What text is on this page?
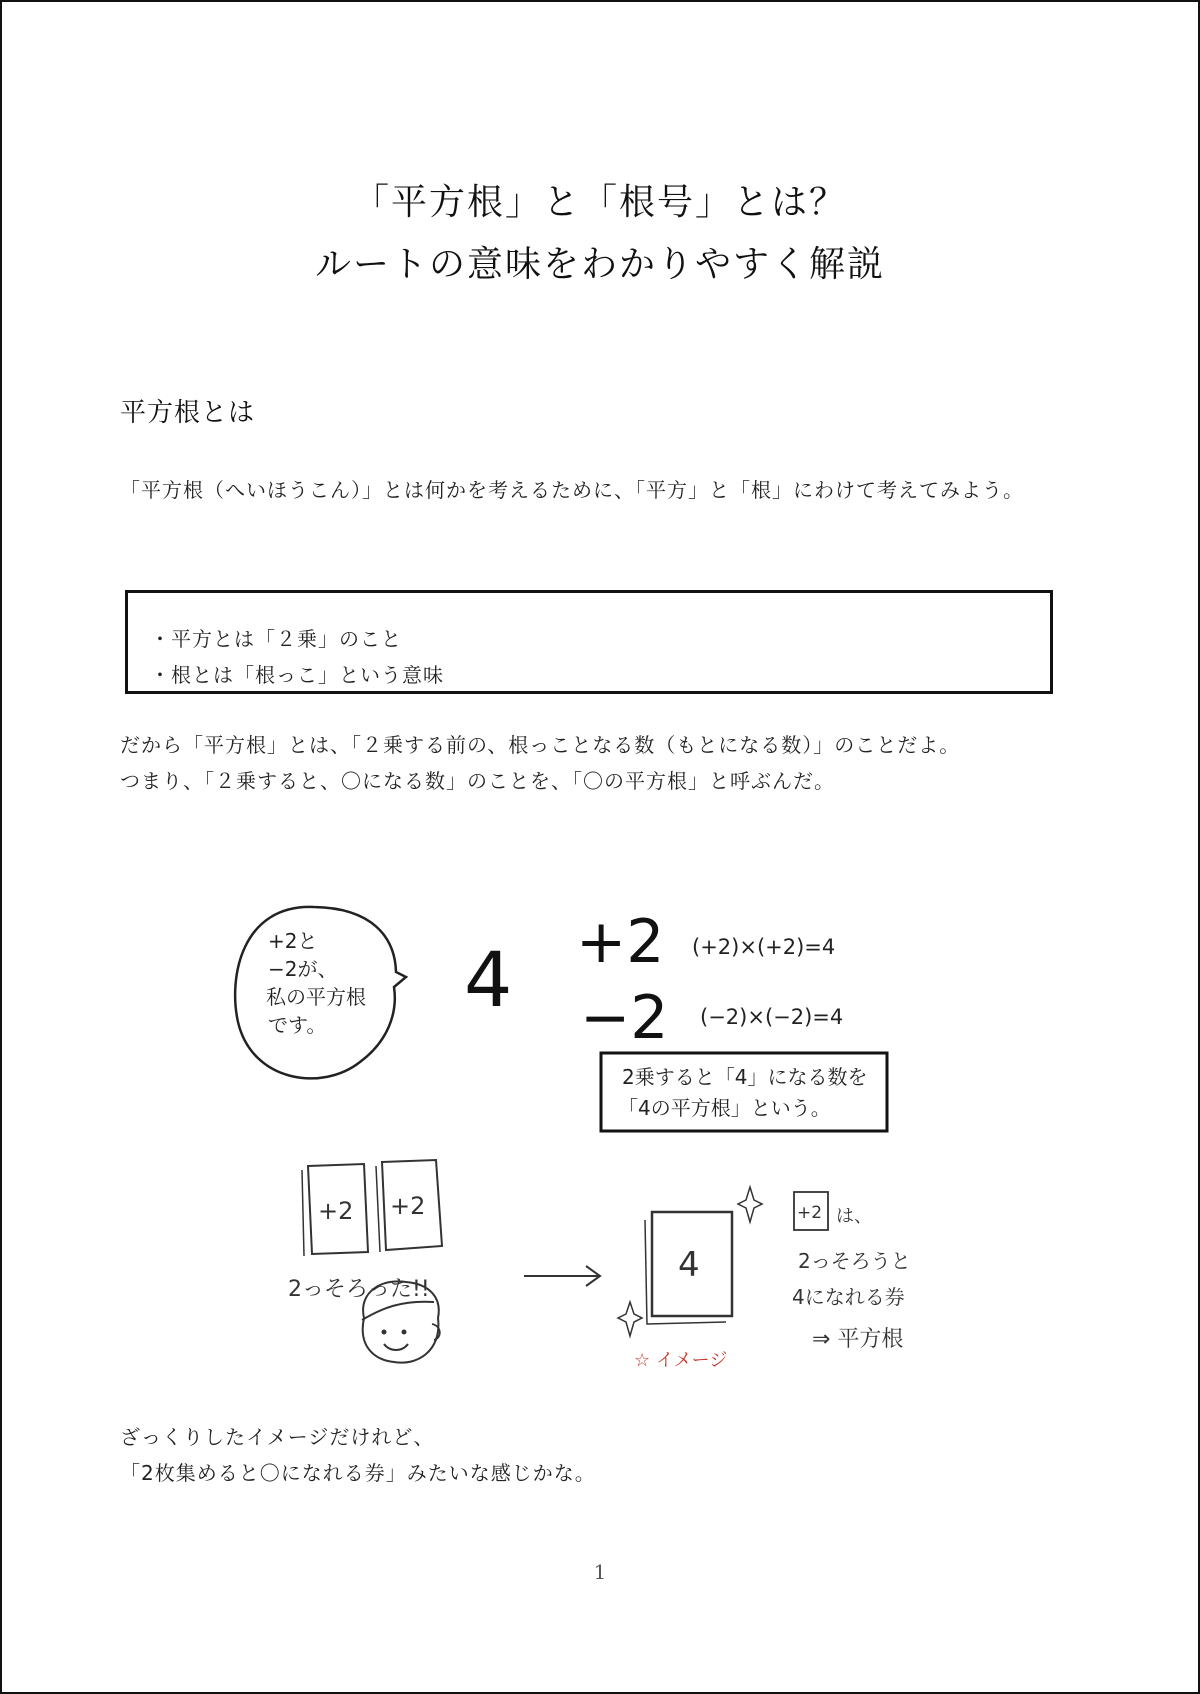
「平方根」と「根号」とは？
ルートの意味をわかりやすく解説
平方根とは
「平方根（へいほうこん）」とは何かを考えるために、「平方」と「根」にわけて考えてみよう。
・平方とは「２乗」のこと
・根とは「根っこ」という意味
だから「平方根」とは、「２乗する前の、根っことなる数（もとになる数）」のことだよ。
つまり、「２乗すると、〇になる数」のことを、「〇の平方根」と呼ぶんだ。
+2と
−2が、
私の平方根
です。
4 +2 (+2)×(+2)=4
−2 (−2)×(−2)=4
2乗すると「4」になる数を
「4の平方根」という。
+2 +2
2っそろった!!
4
+2 は、
2っそろうと
4になれる券
⇒ 平方根
☆ イメージ
ざっくりしたイメージだけれど、
「2枚集めると〇になれる券」みたいな感じかな。
1
